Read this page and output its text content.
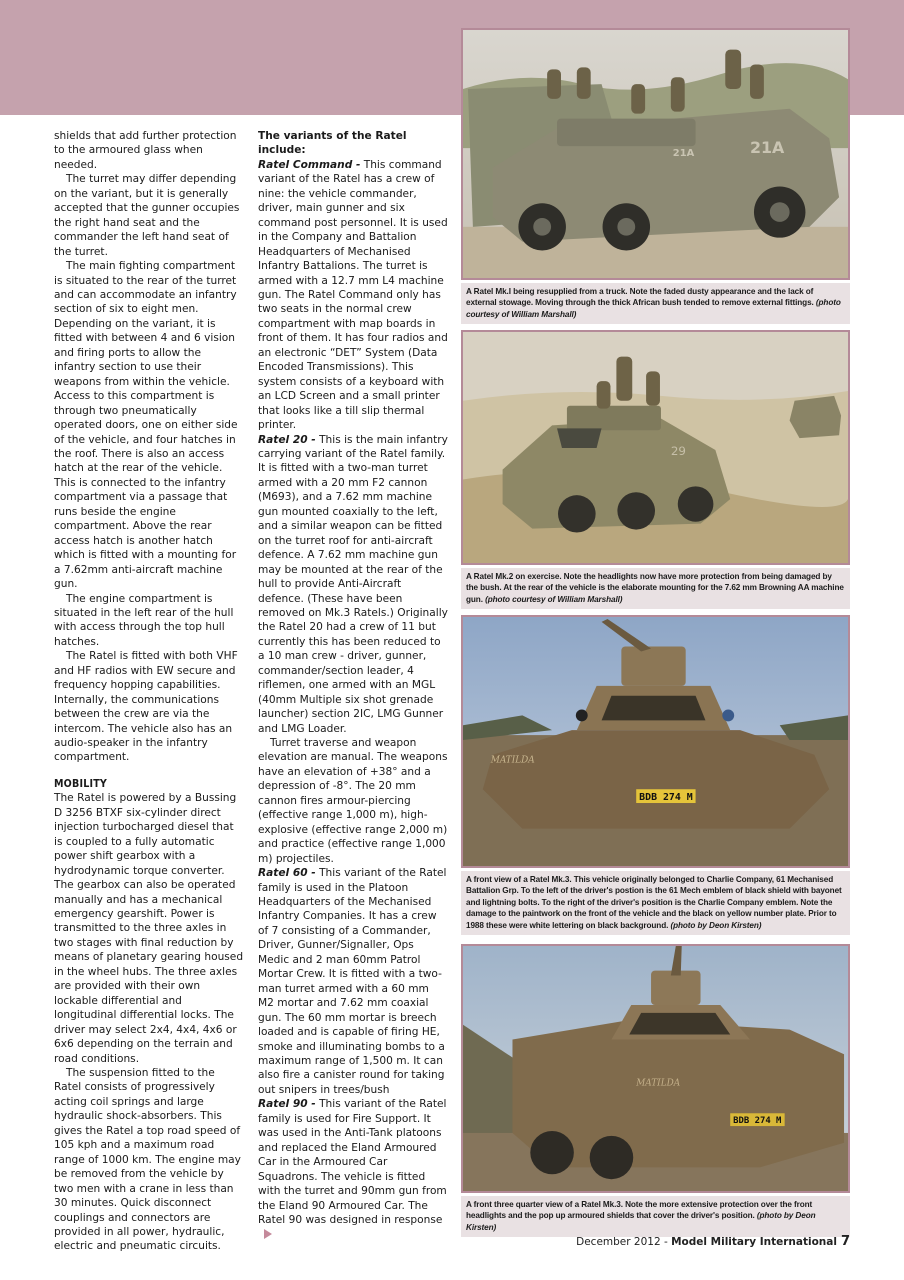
shields that add further protection to the armoured glass when needed.

The turret may differ depending on the variant, but it is generally accepted that the gunner occupies the right hand seat and the commander the left hand seat of the turret.

The main fighting compartment is situated to the rear of the turret and can accommodate an infantry section of six to eight men. Depending on the variant, it is fitted with between 4 and 6 vision and firing ports to allow the infantry section to use their weapons from within the vehicle. Access to this compartment is through two pneumatically operated doors, one on either side of the vehicle, and four hatches in the roof. There is also an access hatch at the rear of the vehicle. This is connected to the infantry compartment via a passage that runs beside the engine compartment. Above the rear access hatch is another hatch which is fitted with a mounting for a 7.62mm anti-aircraft machine gun.

The engine compartment is situated in the left rear of the hull with access through the top hull hatches.

The Ratel is fitted with both VHF and HF radios with EW secure and frequency hopping capabilities. Internally, the communications between the crew are via the intercom. The vehicle also has an audio-speaker in the infantry compartment.

MOBILITY

The Ratel is powered by a Bussing D 3256 BTXF six-cylinder direct injection turbocharged diesel that is coupled to a fully automatic power shift gearbox with a hydrodynamic torque converter. The gearbox can also be operated manually and has a mechanical emergency gearshift. Power is transmitted to the three axles in two stages with final reduction by means of planetary gearing housed in the wheel hubs. The three axles are provided with their own lockable differential and longitudinal differential locks. The driver may select 2x4, 4x4, 4x6 or 6x6 depending on the terrain and road conditions.

The suspension fitted to the Ratel consists of progressively acting coil springs and large hydraulic shock-absorbers. This gives the Ratel a top road speed of 105 kph and a maximum road range of 1000 km. The engine may be removed from the vehicle by two men with a crane in less than 30 minutes. Quick disconnect couplings and connectors are provided in all power, hydraulic, electric and pneumatic circuits.

The variants of the Ratel include:

Ratel Command - This command variant of the Ratel has a crew of nine: the vehicle commander, driver, main gunner and six command post personnel. It is used in the Company and Battalion Headquarters of Mechanised Infantry Battalions. The turret is armed with a 12.7 mm L4 machine gun. The Ratel Command only has two seats in the normal crew compartment with map boards in front of them. It has four radios and an electronic “DET” System (Data Encoded Transmissions). This system consists of a keyboard with an LCD Screen and a small printer that looks like a till slip thermal printer.

Ratel 20 - This is the main infantry carrying variant of the Ratel family. It is fitted with a two-man turret armed with a 20 mm F2 cannon (M693), and a 7.62 mm machine gun mounted coaxially to the left, and a similar weapon can be fitted on the turret roof for anti-aircraft defence. A 7.62 mm machine gun may be mounted at the rear of the hull to provide Anti-Aircraft defence. (These have been removed on Mk.3 Ratels.) Originally the Ratel 20 had a crew of 11 but currently this has been reduced to a 10 man crew - driver, gunner, commander/section leader, 4 riflemen, one armed with an MGL (40mm Multiple six shot grenade launcher) section 2IC, LMG Gunner and LMG Loader.

Turret traverse and weapon elevation are manual. The weapons have an elevation of +38° and a depression of -8°. The 20 mm cannon fires armour-piercing (effective range 1,000 m), high-explosive (effective range 2,000 m) and practice (effective range 1,000 m) projectiles.

Ratel 60 - This variant of the Ratel family is used in the Platoon Headquarters of the Mechanised Infantry Companies. It has a crew of 7 consisting of a Commander, Driver, Gunner/Signaller, Ops Medic and 2 man 60mm Patrol Mortar Crew. It is fitted with a two-man turret armed with a 60 mm M2 mortar and 7.62 mm coaxial gun. The 60 mm mortar is breech loaded and is capable of firing HE, smoke and illuminating bombs to a maximum range of 1,500 m. It can also fire a canister round for taking out snipers in trees/bush

Ratel 90 - This variant of the Ratel family is used for Fire Support. It was used in the Anti-Tank platoons and replaced the Eland Armoured Car in the Armoured Car Squadrons. The vehicle is fitted with the turret and 90mm gun from the Eland 90 Armoured Car. The Ratel 90 was designed in response

21A
21A
A Ratel Mk.I being resupplied from a truck. Note the faded dusty appearance and the lack of external stowage. Moving through the thick African bush tended to remove external fittings. (photo courtesy of William Marshall)
29
A Ratel Mk.2 on exercise. Note the headlights now have more protection from being damaged by the bush. At the rear of the vehicle is the elaborate mounting for the 7.62 mm Browning AA machine gun. (photo courtesy of William Marshall)
BDB 274 M
MATILDA
A front view of a Ratel Mk.3. This vehicle originally belonged to Charlie Company, 61 Mechanised Battalion Grp. To the left of the driver's postion is the 61 Mech emblem of black shield with bayonet and lightning bolts. To the right of the driver's position is the Charlie Company emblem. Note the damage to the paintwork on the front of the vehicle and the black on yellow number plate. Prior to 1988 these were white lettering on black background. (photo by Deon Kirsten)
BDB 274 M
MATILDA
A front three quarter view of a Ratel Mk.3. Note the more extensive protection over the front headlights and the pop up armoured shields that cover the driver's position. (photo by Deon Kirsten)
December 2012 - Model Military International 7
